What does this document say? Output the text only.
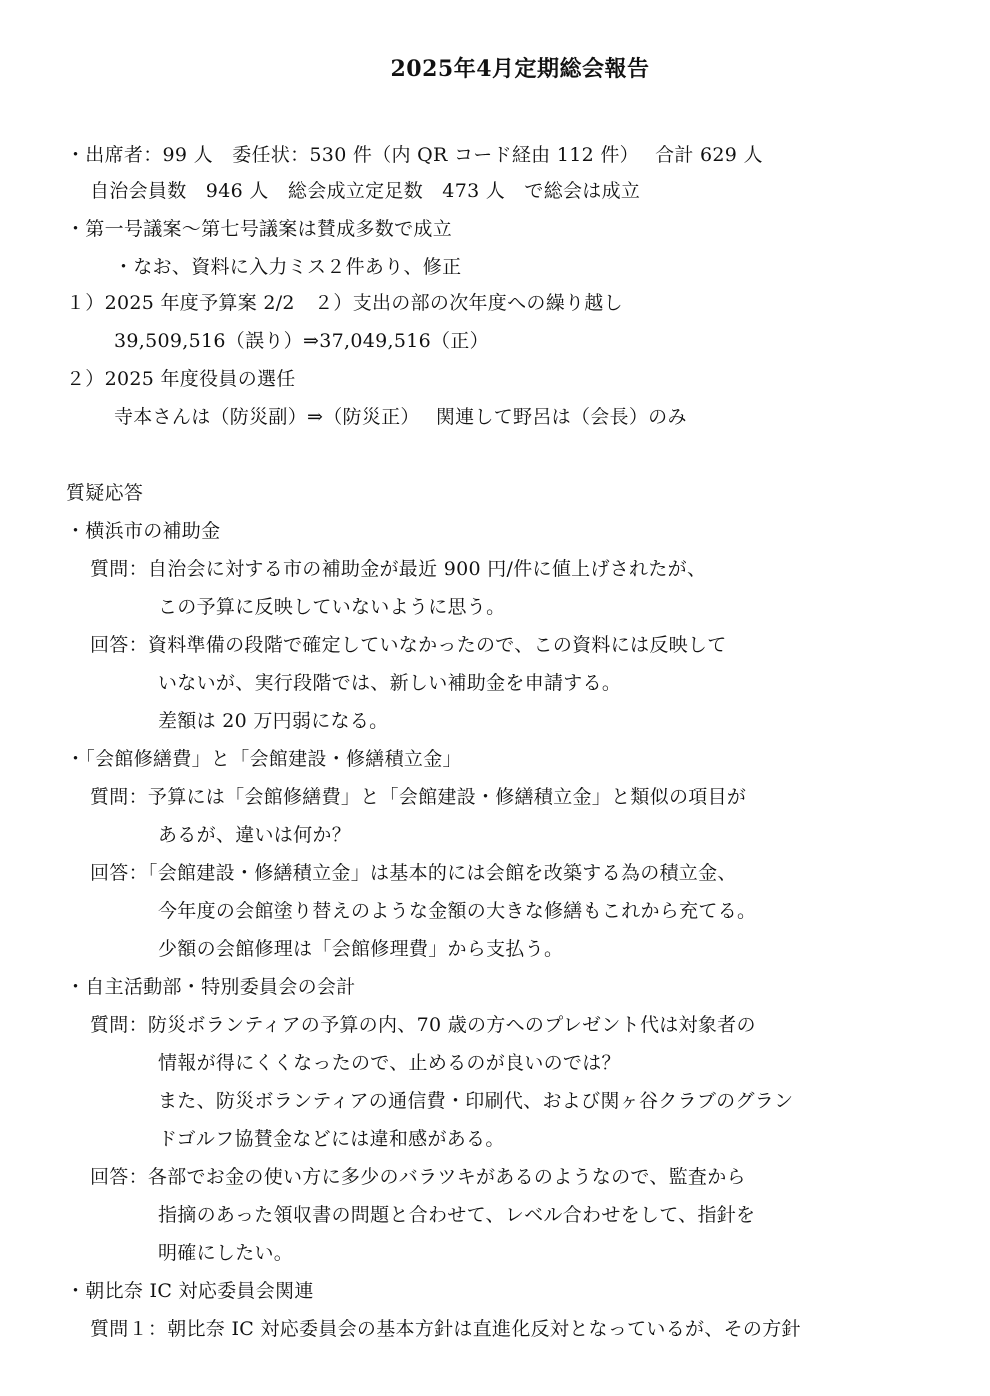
2025年4月定期総会報告
・出席者：99 人　委任状：530 件（内 QR コード経由 112 件）　 合計 629 人
自治会員数　946 人　総会成立定足数　473 人　で総会は成立
・第一号議案～第七号議案は賛成多数で成立
・なお、資料に入力ミス２件あり、修正
１）2025 年度予算案 2/2　２）支出の部の次年度への繰り越し
39,509,516（誤り）⇒37,049,516（正）
２）2025 年度役員の選任
寺本さんは（防災副）⇒（防災正）　 関連して野呂は（会長）のみ
質疑応答
・横浜市の補助金
質問：自治会に対する市の補助金が最近 900 円/件に値上げされたが、
この予算に反映していないように思う。
回答：資料準備の段階で確定していなかったので、この資料には反映して
いないが、実行段階では、新しい補助金を申請する。
差額は 20 万円弱になる。
・「会館修繕費」と「会館建設・修繕積立金」
質問：予算には「会館修繕費」と「会館建設・修繕積立金」と類似の項目が
あるが、違いは何か？
回答：「会館建設・修繕積立金」は基本的には会館を改築する為の積立金、
今年度の会館塗り替えのような金額の大きな修繕もこれから充てる。
少額の会館修理は「会館修理費」から支払う。
・自主活動部・特別委員会の会計
質問：防災ボランティアの予算の内、70 歳の方へのプレゼント代は対象者の
情報が得にくくなったので、止めるのが良いのでは？
また、防災ボランティアの通信費・印刷代、および関ヶ谷クラブのグラン
ドゴルフ協賛金などには違和感がある。
回答：各部でお金の使い方に多少のバラツキがあるのようなので、監査から
指摘のあった領収書の問題と合わせて、レベル合わせをして、指針を
明確にしたい。
・朝比奈 IC 対応委員会関連
質問１：朝比奈 IC 対応委員会の基本方針は直進化反対となっているが、その方針
